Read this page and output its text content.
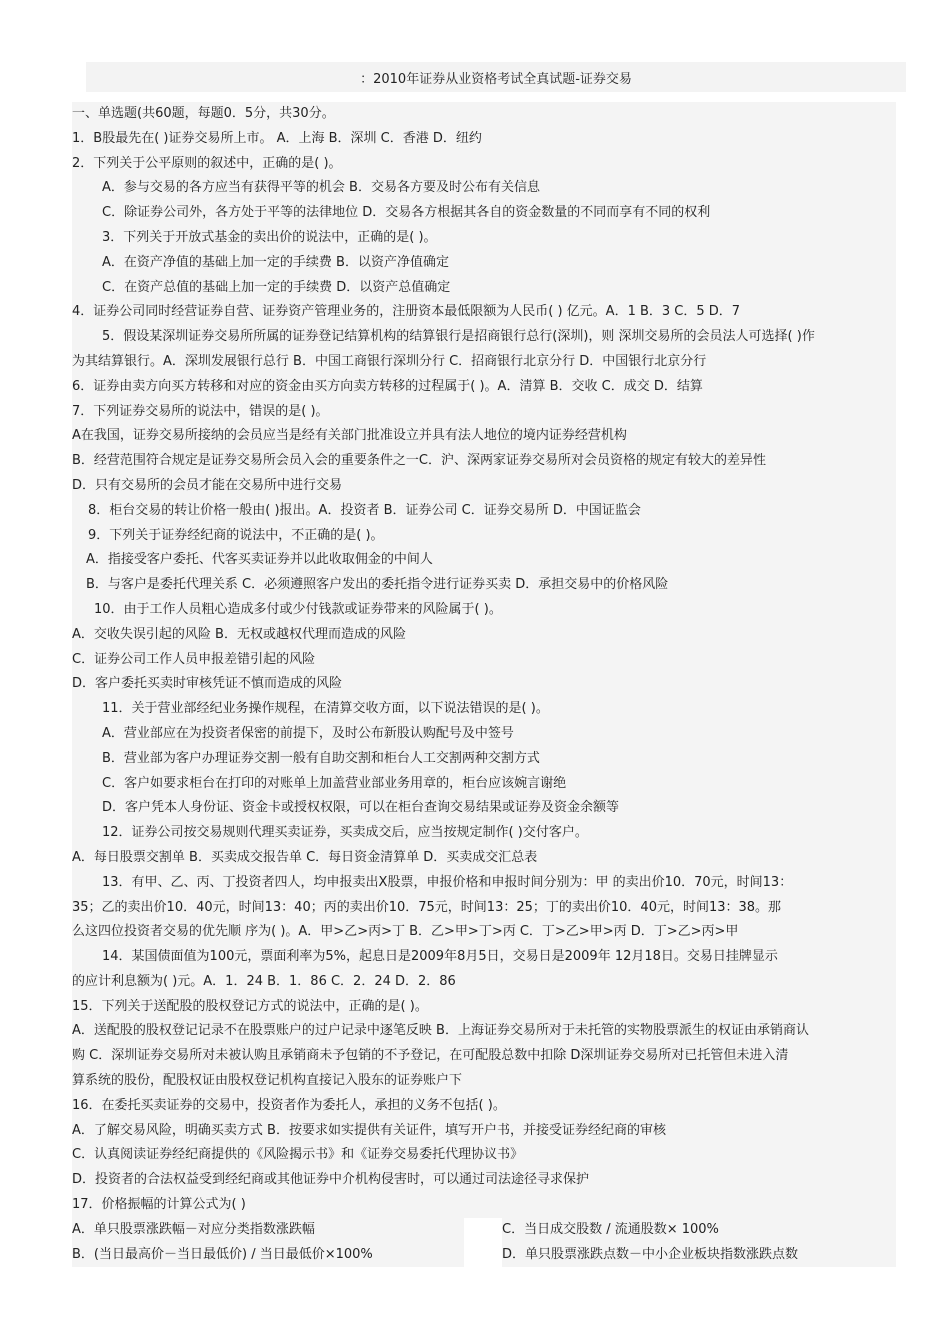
：2010年证券从业资格考试全真试题-证券交易
一、单选题(共60题，每题0．5分，共30分。
1．B股最先在( )证券交易所上市。 A．上海 B．深圳 C．香港 D．纽约
2．下列关于公平原则的叙述中，正确的是( )。
A．参与交易的各方应当有获得平等的机会 B．交易各方要及时公布有关信息
C．除证券公司外，各方处于平等的法律地位 D．交易各方根据其各自的资金数量的不同而享有不同的权利
3．下列关于开放式基金的卖出价的说法中，正确的是( )。
A．在资产净值的基础上加一定的手续费 B．以资产净值确定
C．在资产总值的基础上加一定的手续费 D．以资产总值确定
4．证券公司同时经营证券自营、证券资产管理业务的，注册资本最低限额为人民币( ) 亿元。A．1 B．3 C．5 D．7
5．假设某深圳证券交易所所属的证券登记结算机构的结算银行是招商银行总行(深圳)，则 深圳交易所的会员法人可选择( )作
为其结算银行。A．深圳发展银行总行 B．中国工商银行深圳分行 C．招商银行北京分行 D．中国银行北京分行
6．证券由卖方向买方转移和对应的资金由买方向卖方转移的过程属于( )。A．清算 B．交收 C．成交 D．结算
7．下列证券交易所的说法中，错误的是( )。
A在我国，证券交易所接纳的会员应当是经有关部门批准设立并具有法人地位的境内证券经营机构
B．经营范围符合规定是证券交易所会员入会的重要条件之一C．沪、深两家证券交易所对会员资格的规定有较大的差异性
D．只有交易所的会员才能在交易所中进行交易
8．柜台交易的转让价格一般由( )报出。A．投资者 B．证券公司 C．证券交易所 D．中国证监会
9．下列关于证券经纪商的说法中，不正确的是( )。
A．指接受客户委托、代客买卖证券并以此收取佣金的中间人
B．与客户是委托代理关系 C．必须遵照客户发出的委托指令进行证券买卖 D．承担交易中的价格风险
10．由于工作人员粗心造成多付或少付钱款或证券带来的风险属于( )。
A．交收失误引起的风险 B．无权或越权代理而造成的风险
C．证券公司工作人员申报差错引起的风险
D．客户委托买卖时审核凭证不慎而造成的风险
11．关于营业部经纪业务操作规程，在清算交收方面，以下说法错误的是( )。
A．营业部应在为投资者保密的前提下，及时公布新股认购配号及中签号
B．营业部为客户办理证券交割一般有自助交割和柜台人工交割两种交割方式
C．客户如要求柜台在打印的对账单上加盖营业部业务用章的，柜台应该婉言谢绝
D．客户凭本人身份证、资金卡或授权权限，可以在柜台查询交易结果或证券及资金余额等
12．证券公司按交易规则代理买卖证券，买卖成交后，应当按规定制作( )交付客户。
A．每日股票交割单 B．买卖成交报告单 C．每日资金清算单 D．买卖成交汇总表
13．有甲、乙、丙、丁投资者四人，均申报卖出X股票，申报价格和申报时间分别为：甲 的卖出价10．70元，时间13：
35；乙的卖出价10．40元，时间13：40；丙的卖出价10．75元，时间13：25；丁的卖出价10．40元，时间13：38。那
么这四位投资者交易的优先顺 序为( )。A．甲>乙>丙>丁 B．乙>甲>丁>丙 C．丁>乙>甲>丙 D．丁>乙>丙>甲
14．某国债面值为100元，票面利率为5%，起息日是2009年8月5日，交易日是2009年 12月18日。交易日挂牌显示
的应计利息额为( )元。A．1．24 B．1．86 C．2．24 D．2．86
15．下列关于送配股的股权登记方式的说法中，正确的是( )。
A．送配股的股权登记记录不在股票账户的过户记录中逐笔反映 B．上海证券交易所对于未托管的实物股票派生的权证由承销商认
购 C．深圳证券交易所对未被认购且承销商未予包销的不予登记，在可配股总数中扣除 D深圳证券交易所对已托管但未进入清
算系统的股份，配股权证由股权登记机构直接记入股东的证券账户下
16．在委托买卖证券的交易中，投资者作为委托人，承担的义务不包括( )。
A．了解交易风险，明确买卖方式 B．按要求如实提供有关证件，填写开户书，并接受证券经纪商的审核
C．认真阅读证券经纪商提供的《风险揭示书》和《证券交易委托代理协议书》
D．投资者的合法权益受到经纪商或其他证券中介机构侵害时，可以通过司法途径寻求保护
17．价格振幅的计算公式为( )
A．单只股票涨跌幅－对应分类指数涨跌幅	C．当日成交股数 / 流通股数× 100%
B．(当日最高价－当日最低价) / 当日最低价×100%	D．单只股票涨跌点数－中小企业板块指数涨跌点数
